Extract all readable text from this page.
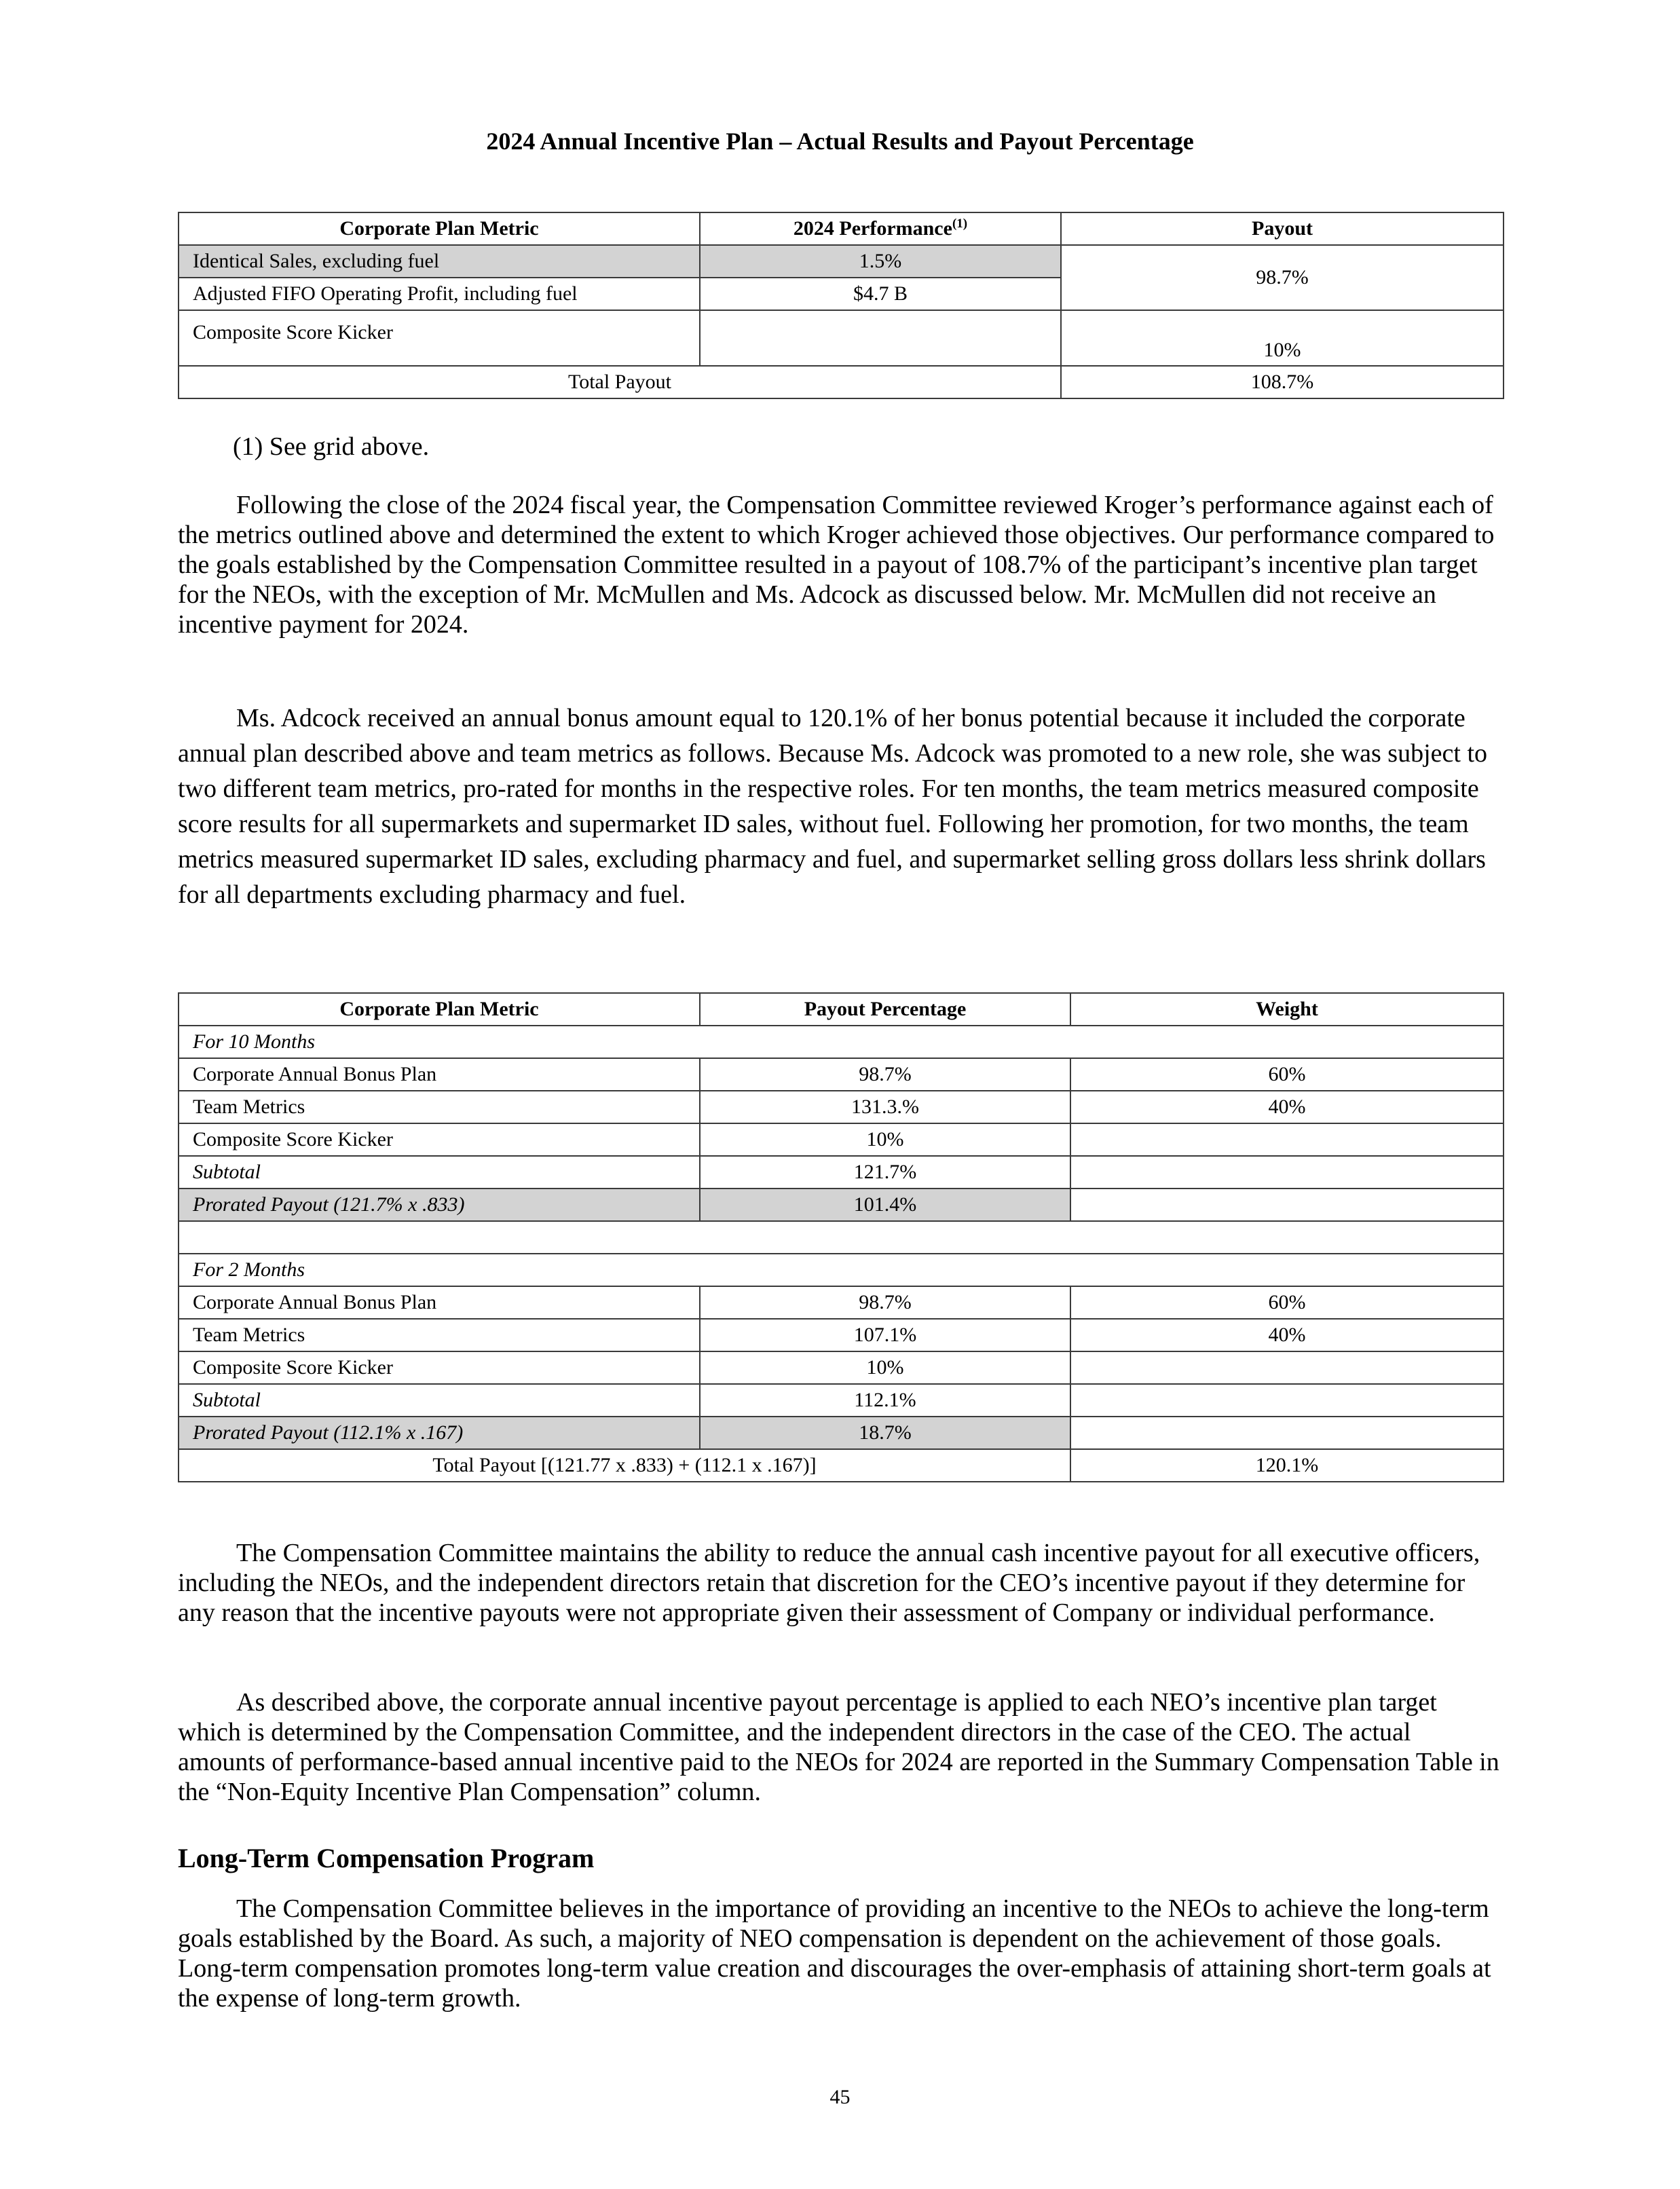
2024 Annual Incentive Plan – Actual Results and Payout Percentage
Corporate Plan Metric	2024 Performance$^{(1)}$	Payout
Identical Sales, excluding fuel	1.5%	98.7%
Adjusted FIFO Operating Profit, including fuel	$4.7 B	
Composite Score Kicker		10%
Total Payout		108.7%
(1) See grid above.

Following the close of the 2024 fiscal year, the Compensation Committee reviewed Kroger’s performance against each of the metrics outlined above and determined the extent to which Kroger achieved those objectives. Our performance compared to the goals established by the Compensation Committee resulted in a payout of 108.7% of the participant’s incentive plan target for the NEOs, with the exception of Mr. McMullen and Ms. Adcock as discussed below. Mr. McMullen did not receive an incentive payment for 2024.

Ms. Adcock received an annual bonus amount equal to 120.1% of her bonus potential because it included the corporate annual plan described above and team metrics as follows. Because Ms. Adcock was promoted to a new role, she was subject to two different team metrics, pro-rated for months in the respective roles. For ten months, the team metrics measured composite score results for all supermarkets and supermarket ID sales, without fuel. Following her promotion, for two months, the team metrics measured supermarket ID sales, excluding pharmacy and fuel, and supermarket selling gross dollars less shrink dollars for all departments excluding pharmacy and fuel.

Corporate Plan Metric	Payout Percentage	Weight
For 10 Months		
Corporate Annual Bonus Plan	98.7%	60%
Team Metrics	131.3.%	40%
Composite Score Kicker	10%	
Subtotal	121.7%	
Prorated Payout (121.7% x .833)	101.4%	

For 2 Months		
Corporate Annual Bonus Plan	98.7%	60%
Team Metrics	107.1%	40%
Composite Score Kicker	10%	
Subtotal	112.1%	
Prorated Payout (112.1% x .167)	18.7%	
Total Payout [(121.77 x .833) + (112.1 x .167)]		120.1%

The Compensation Committee maintains the ability to reduce the annual cash incentive payout for all executive officers, including the NEOs, and the independent directors retain that discretion for the CEO’s incentive payout if they determine for any reason that the incentive payouts were not appropriate given their assessment of Company or individual performance.

As described above, the corporate annual incentive payout percentage is applied to each NEO’s incentive plan target which is determined by the Compensation Committee, and the independent directors in the case of the CEO. The actual amounts of performance-based annual incentive paid to the NEOs for 2024 are reported in the Summary Compensation Table in the “Non-Equity Incentive Plan Compensation” column.

Long-Term Compensation Program

The Compensation Committee believes in the importance of providing an incentive to the NEOs to achieve the long-term goals established by the Board. As such, a majority of NEO compensation is dependent on the achievement of those goals. Long-term compensation promotes long-term value creation and discourages the over-emphasis of attaining short-term goals at the expense of long-term growth.

45
